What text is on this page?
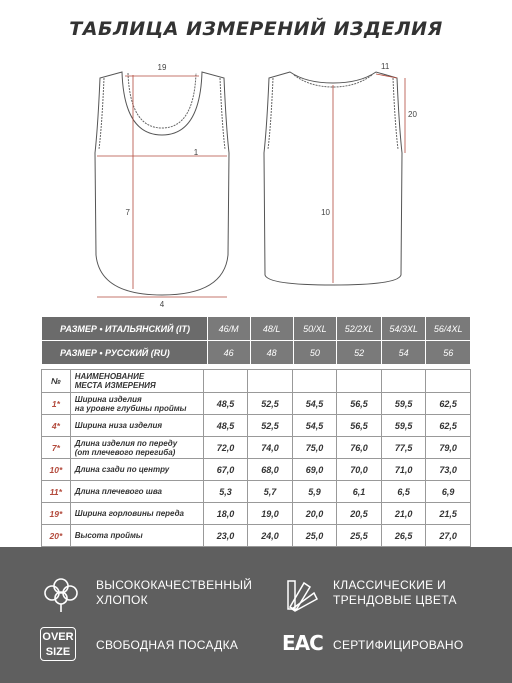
ТАБЛИЦА ИЗМЕРЕНИЙ ИЗДЕЛИЯ
19
1
4
7
11
20
10
РАЗМЕР • ИТАЛЬЯНСКИЙ (IT)	46/M	48/L	50/XL	52/2XL	54/3XL	56/4XL
РАЗМЕР • РУССКИЙ (RU)	46	48	50	52	54	56
№	НАИМЕНОВАНИЕ
МЕСТА ИЗМЕРЕНИЯ						

1*	Ширина изделия
на уровне глубины проймы	48,5	52,5	54,5	56,5	59,5	62,5
4*	Ширина низа изделия	48,5	52,5	54,5	56,5	59,5	62,5
7*	Длина изделия по переду
(от плечевого перегиба)	72,0	74,0	75,0	76,0	77,5	79,0
10*	Длина сзади по центру	67,0	68,0	69,0	70,0	71,0	73,0
11*	Длина плечевого шва	5,3	5,7	5,9	6,1	6,5	6,9
19*	Ширина горловины переда	18,0	19,0	20,0	20,5	21,0	21,5
20*	Высота проймы	23,0	24,0	25,0	25,5	26,5	27,0
ВЫСОКОКАЧЕСТВЕННЫЙ ХЛОПОК
КЛАССИЧЕСКИЕ И ТРЕНДОВЫЕ ЦВЕТА
OVER
SIZE	СВОБОДНАЯ ПОСАДКА	EAC СЕРТИФИЦИРОВАНО
